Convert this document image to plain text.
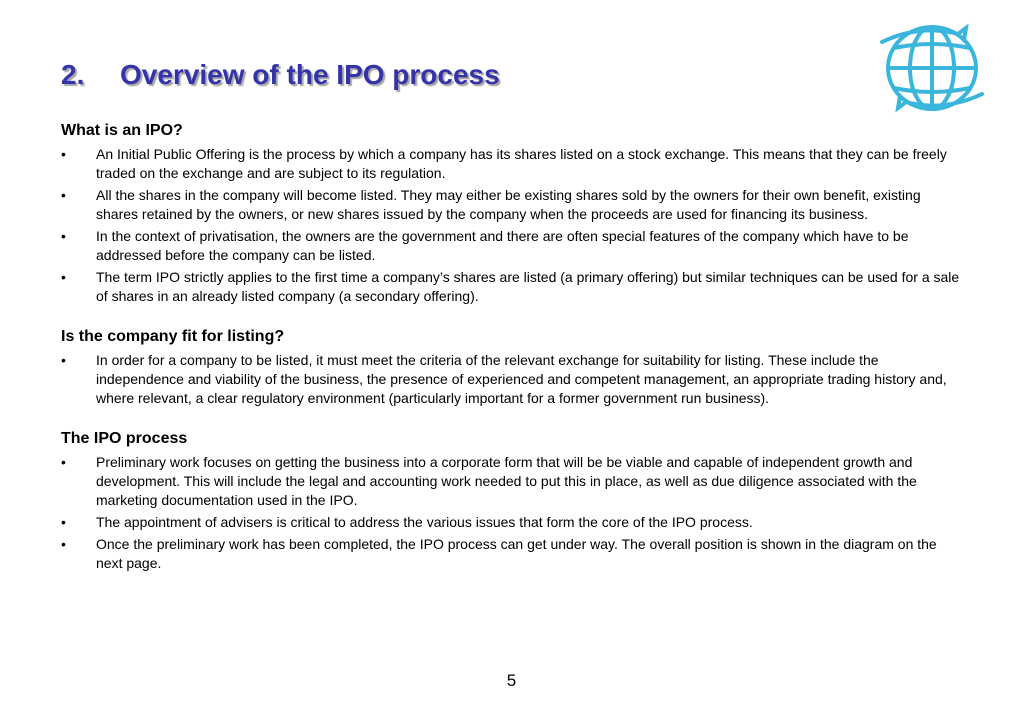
2. Overview of the IPO process
What is an IPO?
• An Initial Public Offering is the process by which a company has its shares listed on a stock exchange. This means that they can be freely traded on the exchange and are subject to its regulation.
• All the shares in the company will become listed. They may either be existing shares sold by the owners for their own benefit, existing shares retained by the owners, or new shares issued by the company when the proceeds are used for financing its business.
• In the context of privatisation, the owners are the government and there are often special features of the company which have to be addressed before the company can be listed.
• The term IPO strictly applies to the first time a company’s shares are listed (a primary offering) but similar techniques can be used for a sale of shares in an already listed company (a secondary offering).
Is the company fit for listing?
• In order for a company to be listed, it must meet the criteria of the relevant exchange for suitability for listing. These include the independence and viability of the business, the presence of experienced and competent management, an appropriate trading history and, where relevant, a clear regulatory environment (particularly important for a former government run business).
The IPO process
• Preliminary work focuses on getting the business into a corporate form that will be be viable and capable of independent growth and development. This will include the legal and accounting work needed to put this in place, as well as due diligence associated with the marketing documentation used in the IPO.
• The appointment of advisers is critical to address the various issues that form the core of the IPO process.
• Once the preliminary work has been completed, the IPO process can get under way. The overall position is shown in the diagram on the next page.
5
